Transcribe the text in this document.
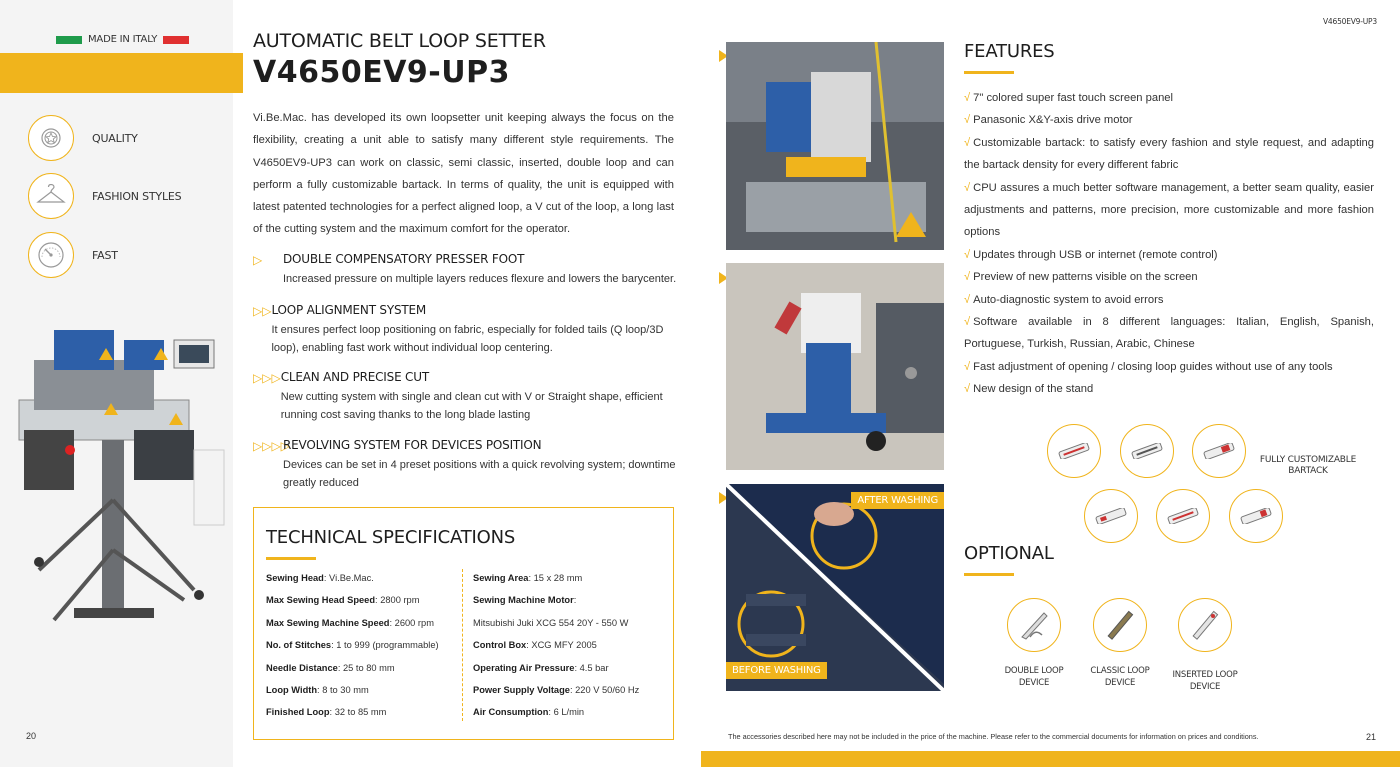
MADE IN ITALY
QUALITY
FASHION STYLES
FAST
20
AUTOMATIC BELT LOOP SETTER
V4650EV9-UP3
Vi.Be.Mac. has developed its own loopsetter unit keeping always the focus on the flexibility, creating a unit able to satisfy many different style requirements. The V4650EV9-UP3 can work on classic, semi classic, inserted, double loop and can perform a fully customizable bartack. In terms of quality, the unit is equipped with latest patented technologies for a perfect aligned loop, a V cut of the loop, a long last of the cutting system and the maximum comfort for the operator.
▷	DOUBLE COMPENSATORY PRESSER FOOT
Increased pressure on multiple layers reduces flexure and lowers the barycenter.
▷▷ LOOP ALIGNMENT SYSTEM
It ensures perfect loop positioning on fabric, especially for folded tails (Q loop/3D loop), enabling fast work without individual loop centering.
▷▷▷ CLEAN AND PRECISE CUT
New cutting system with single and clean cut with V or Straight shape, efficient running cost saving thanks to the long blade lasting
▷▷▷▷
REVOLVING SYSTEM FOR DEVICES POSITION
Devices can be set in 4 preset positions with a quick revolving system; downtime greatly reduced
TECHNICAL SPECIFICATIONS
Sewing Head: Vi.Be.Mac.
Max Sewing Head Speed: 2800 rpm
Max Sewing Machine Speed: 2600 rpm
No. of Stitches: 1 to 999 (programmable)
Needle Distance: 25 to 80 mm
Loop Width: 8 to 30 mm
Finished Loop: 32 to 85 mm
Sewing Area: 15 x 28 mm
Sewing Machine Motor:
Mitsubishi Juki XCG 554 20Y - 550 W
Control Box: XCG MFY 2005
Operating Air Pressure: 4.5 bar
Power Supply Voltage: 220 V 50/60 Hz
Air Consumption: 6 L/min
AFTER WASHING
BEFORE WASHING
V4650EV9-UP3
FEATURES
√ 7" colored super fast touch screen panel
√ Panasonic X&Y-axis drive motor
√ Customizable bartack: to satisfy every fashion and style request, and adapting the bartack density for every different fabric
√ CPU assures a much better software management, a better seam quality, easier adjustments and patterns, more precision, more customizable and more fashion options
√ Updates through USB or internet (remote control)
√ Preview of new patterns visible on the screen
√ Auto-diagnostic system to avoid errors
√ Software available in 8 different languages: Italian, English, Spanish, Portuguese, Turkish, Russian, Arabic, Chinese
√ Fast adjustment of opening / closing loop guides without use of any tools
√ New design of the stand
FULLY CUSTOMIZABLE
BARTACK
OPTIONAL
DOUBLE LOOP
DEVICE
CLASSIC LOOP
DEVICE
INSERTED LOOP
DEVICE
The accessories described here may not be included in the price of the machine. Please refer to the commercial documents for information on prices and conditions.	21
